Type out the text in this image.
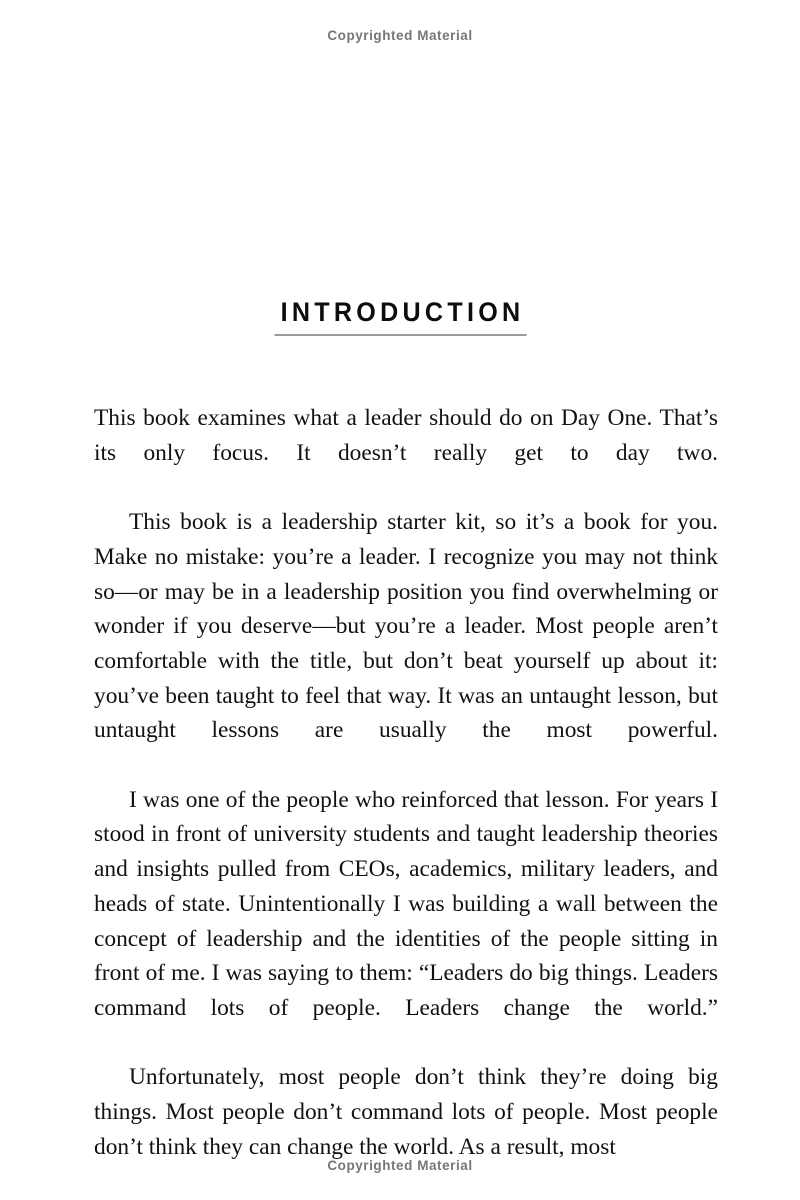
Copyrighted Material
INTRODUCTION

This book examines what a leader should do on Day One. That’s its only focus. It doesn’t really get to day two.

This book is a leadership starter kit, so it’s a book for you. Make no mistake: you’re a leader. I recognize you may not think so—or may be in a leadership position you find overwhelming or wonder if you deserve—but you’re a leader. Most people aren’t comfortable with the title, but don’t beat yourself up about it: you’ve been taught to feel that way. It was an untaught lesson, but untaught lessons are usually the most powerful.

I was one of the people who reinforced that lesson. For years I stood in front of university students and taught leadership theories and insights pulled from CEOs, academics, military leaders, and heads of state. Unintentionally I was building a wall between the concept of leadership and the identities of the people sitting in front of me. I was saying to them: “Leaders do big things. Leaders command lots of people. Leaders change the world.”

Unfortunately, most people don’t think they’re doing big things. Most people don’t command lots of people. Most people don’t think they can change the world. As a result, most

Copyrighted Material
